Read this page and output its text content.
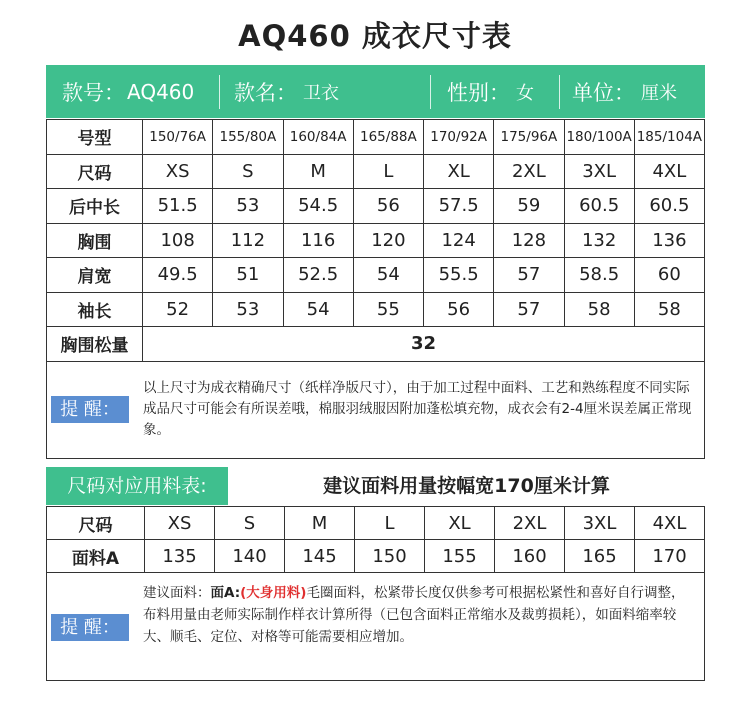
AQ460 成衣尺寸表
款号： AQ460 款名： 卫衣	性别： 女 单位： 厘米
号型	150/76A	155/80A	160/84A	165/88A	170/92A	175/96A	180/100A	185/104A
尺码	XS	S	M	L	XL	2XL	3XL	4XL
后中长	51.5	53	54.5	56	57.5	59	60.5	60.5
胸围	108	112	116	120	124	128	132	136
肩宽	49.5	51	52.5	54	55.5	57	58.5	60
袖长	52	53	54	55	56	57	58	58
胸围松量	32							
提 醒：
以上尺寸为成衣精确尺寸（纸样净版尺寸），由于加工过程中面料、工艺和熟练程度不同实际成品尺寸可能会有所误差哦，棉服羽绒服因附加蓬松填充物，成衣会有2-4厘米误差属正常现象。
尺码对应用料表:	建议面料用量按幅宽170厘米计算
尺码	XS	S	M	L	XL	2XL	3XL	4XL
面料A	135	140	145	150	155	160	165	170
提 醒：
建议面料：面A:(大身用料)毛圈面料，松紧带长度仅供参考可根据松紧性和喜好自行调整，布料用量由老师实际制作样衣计算所得（已包含面料正常缩水及裁剪损耗），如面料缩率较大、顺毛、定位、对格等可能需要相应增加。
